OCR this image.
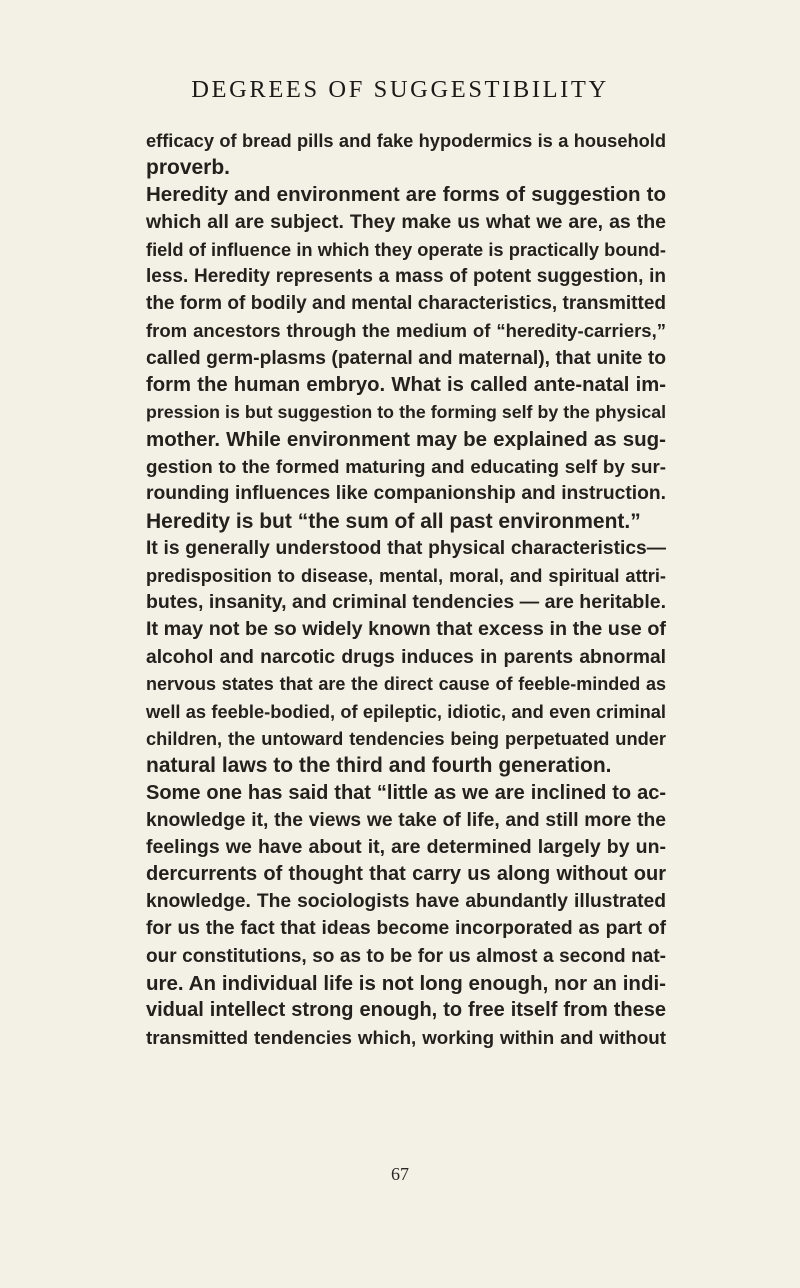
DEGREES OF SUGGESTIBILITY
efficacy of bread pills and fake hypodermics is a household
proverb.
Heredity and environment are forms of suggestion to
which all are subject. They make us what we are, as the
field of influence in which they operate is practically bound-
less. Heredity represents a mass of potent suggestion, in
the form of bodily and mental characteristics, transmitted
from ancestors through the medium of “heredity-carriers,”
called germ-plasms (paternal and maternal), that unite to
form the human embryo. What is called ante-natal im-
pression is but suggestion to the forming self by the physical
mother. While environment may be explained as sug-
gestion to the formed maturing and educating self by sur-
rounding influences like companionship and instruction.
Heredity is but “the sum of all past environment.”
It is generally understood that physical characteristics—
predisposition to disease, mental, moral, and spiritual attri-
butes, insanity, and criminal tendencies — are heritable.
It may not be so widely known that excess in the use of
alcohol and narcotic drugs induces in parents abnormal
nervous states that are the direct cause of feeble-minded as
well as feeble-bodied, of epileptic, idiotic, and even criminal
children, the untoward tendencies being perpetuated under
natural laws to the third and fourth generation.
Some one has said that “little as we are inclined to ac-
knowledge it, the views we take of life, and still more the
feelings we have about it, are determined largely by un-
dercurrents of thought that carry us along without our
knowledge. The sociologists have abundantly illustrated
for us the fact that ideas become incorporated as part of
our constitutions, so as to be for us almost a second nat-
ure. An individual life is not long enough, nor an indi-
vidual intellect strong enough, to free itself from these
transmitted tendencies which, working within and without
67
